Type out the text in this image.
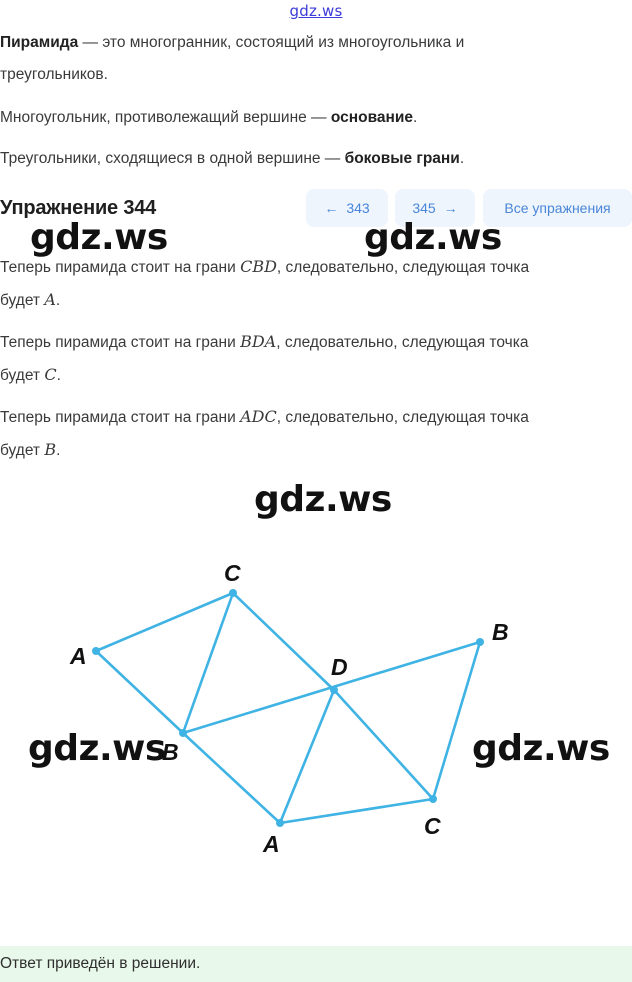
gdz.ws
Пирамида — это многогранник, состоящий из многоугольника и
треугольников.
Многоугольник, противолежащий вершине — основание.
Треугольники, сходящиеся в одной вершине — боковые грани.
Упражнение 344	← 343	345 →	Все упражнения
Теперь пирамида стоит на грани CBD, следовательно, следующая точка
будет A.
Теперь пирамида стоит на грани BDA, следовательно, следующая точка
будет C.
Теперь пирамида стоит на грани ADC, следовательно, следующая точка
будет B.
C
A	D
B
B
A
C
gdz.ws	gdz.ws
gdz.ws
gdz.ws	gdz.ws
Ответ приведён в решении.
